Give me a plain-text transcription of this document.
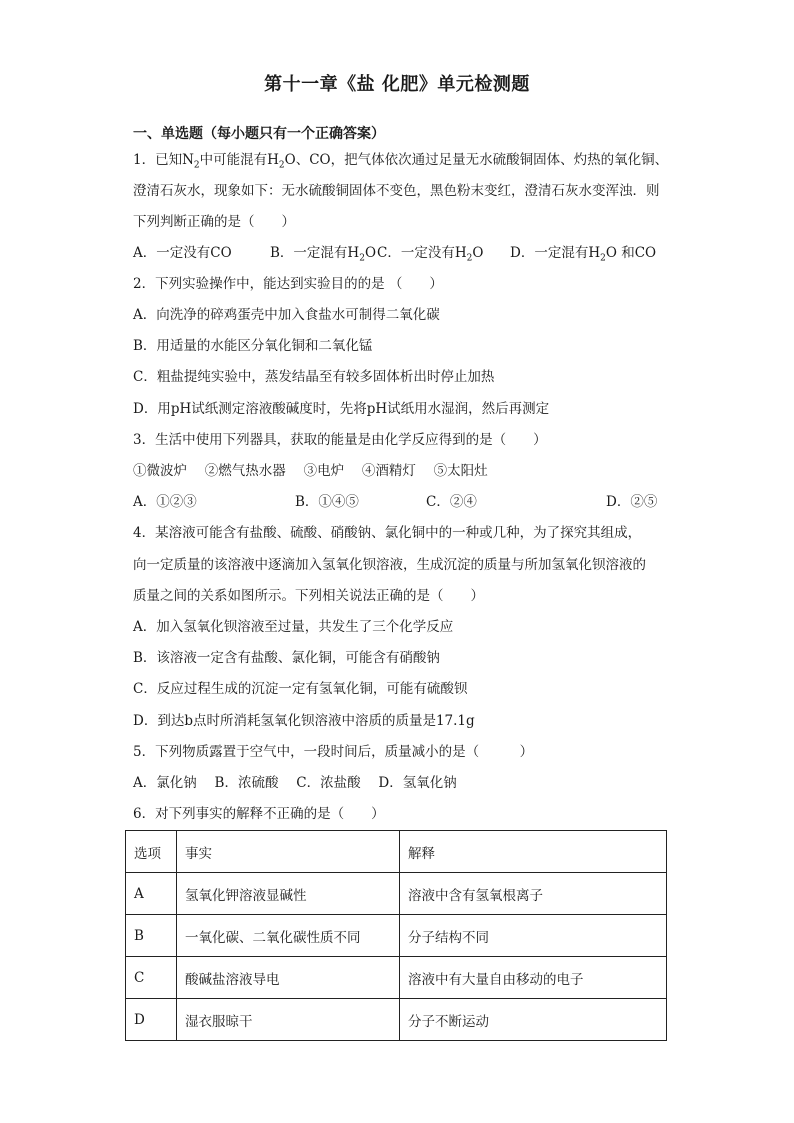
第十一章《盐 化肥》单元检测题
一、单选题（每小题只有一个正确答案）
1．已知$N_2$中可能混有$H_2O$、CO，把气体依次通过足量无水硫酸铜固体、灼热的氧化铜、
澄清石灰水，现象如下：无水硫酸铜固体不变色，黑色粉末变红，澄清石灰水变浑浊．则
下列判断正确的是（　　）
A．一定没有CO	B．一定混有$H_2O$ C．一定没有$H_2O$ D．一定混有$H_2O$ 和CO
2．下列实验操作中，能达到实验目的的是 （　　）
A．向洗净的碎鸡蛋壳中加入食盐水可制得二氧化碳
B．用适量的水能区分氧化铜和二氧化锰
C．粗盐提纯实验中，蒸发结晶至有较多固体析出时停止加热
D．用pH试纸测定溶液酸碱度时，先将pH试纸用水湿润，然后再测定
3．生活中使用下列器具，获取的能量是由化学反应得到的是（　　）
①微波炉　 ②燃气热水器　 ③电炉　 ④酒精灯　 ⑤太阳灶
A．①②③	B．①④⑤	C．②④	D．②⑤
4．某溶液可能含有盐酸、硫酸、硝酸钠、氯化铜中的一种或几种，为了探究其组成，
向一定质量的该溶液中逐滴加入氢氧化钡溶液，生成沉淀的质量与所加氢氧化钡溶液的
质量之间的关系如图所示。下列相关说法正确的是（　　）
A．加入氢氧化钡溶液至过量，共发生了三个化学反应
B．该溶液一定含有盐酸、氯化铜，可能含有硝酸钠
C．反应过程生成的沉淀一定有氢氧化铜，可能有硫酸钡
D．到达b点时所消耗氢氧化钡溶液中溶质的质量是17.1g
5．下列物质露置于空气中，一段时间后，质量减小的是（　　　）
A．氯化钠　 B．浓硫酸　 C．浓盐酸　 D．氢氧化钠
6．对下列事实的解释不正确的是（　　）
选项	事实	解释
A	氢氧化钾溶液显碱性	溶液中含有氢氧根离子
B	一氧化碳、二氧化碳性质不同	分子结构不同
C	酸碱盐溶液导电	溶液中有大量自由移动的电子
D	湿衣服晾干	分子不断运动
